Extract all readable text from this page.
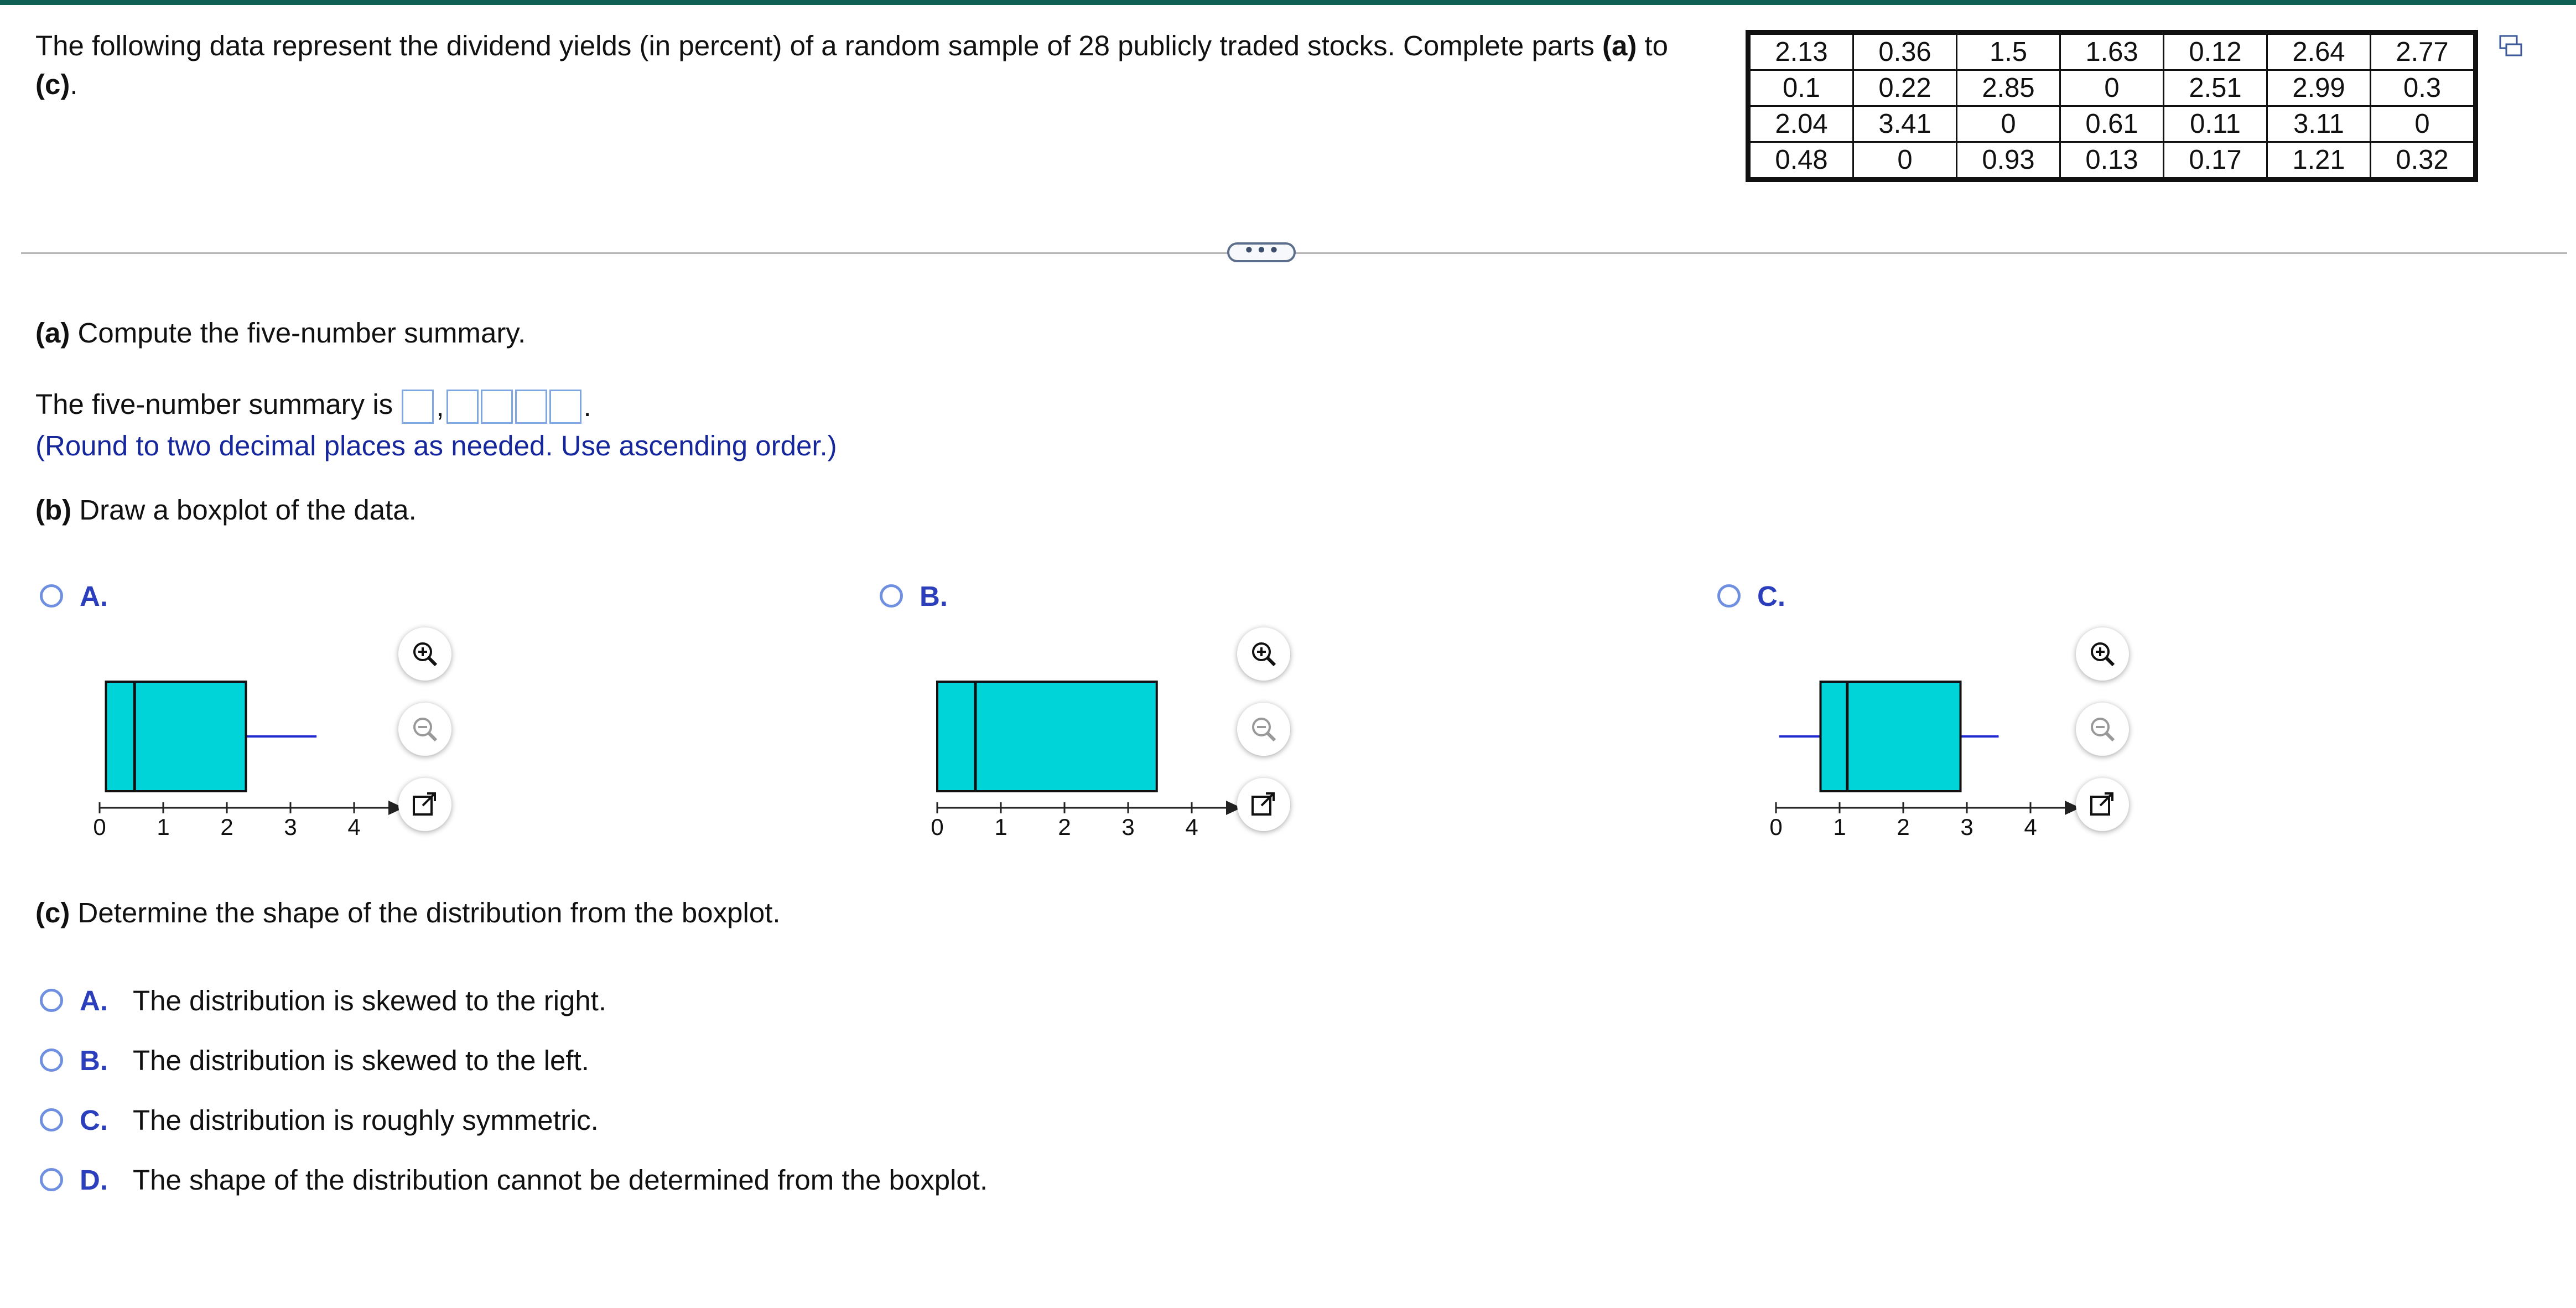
The following data represent the dividend yields (in percent) of a random sample of 28 publicly traded stocks. Complete parts (a) to
(c).
2.13	0.36	1.5	1.63	0.12	2.64	2.77
0.1	0.22	2.85	0	2.51	2.99	0.3
2.04	3.41	0	0.61	0.11	3.11	0
0.48	0	0.93	0.13	0.17	1.21	0.32
• • •
(a) Compute the five-number summary.
The five-number summary is ,	.
(Round to two decimal places as needed. Use ascending order.)
(b) Draw a boxplot of the data.
A.	B.	C.
0	1	2	3	4	0	1	2	3	4	0	1	2	3	4
(c) Determine the shape of the distribution from the boxplot.
A. The distribution is skewed to the right.
B. The distribution is skewed to the left.
C. The distribution is roughly symmetric.
D. The shape of the distribution cannot be determined from the boxplot.
